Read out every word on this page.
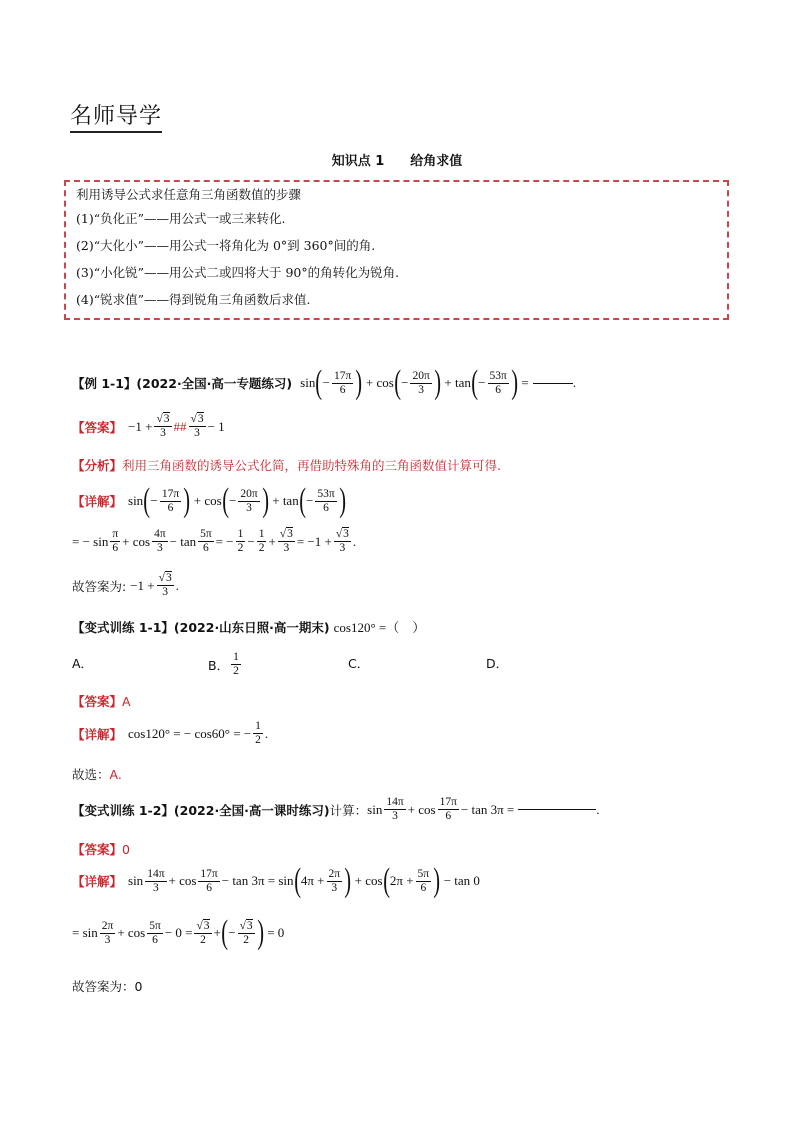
名师导学
知识点 1 给角求值
利用诱导公式求任意角三角函数值的步骤
(1)“负化正”——用公式一或三来转化.
(2)“大化小”——用公式一将角化为 0°到 360°间的角.
(3)“小化锐”——用公式二或四将大于 90°的角转化为锐角.
(4)“锐求值”——得到锐角三角函数后求值.
【例 1-1】(2022·全国·高一专题练习) sin ( − $\frac{17\pi}{6}$ ) + cos ( − $\frac{20\pi}{3}$ ) + tan ( − $\frac{53\pi}{6}$ ) =	.
【答案】 $-1 + \frac{√3}{3}$ ## $\frac{√3}{3} - 1$
【分析】利用三角函数的诱导公式化简，再借助特殊角的三角函数值计算可得.
【详解】 sin ( − $\frac{17\pi}{6}$ ) + cos ( − $\frac{20\pi}{3}$ ) + tan ( − $\frac{53\pi}{6}$ )
= − $\sin \frac{\pi}{6} + \cos \frac{4\pi}{3} - \tan \frac{5\pi}{6}$ = − $\frac{1}{2} - \frac{1}{2} + \frac{√3}{3} = -1 + \frac{√3}{3}$ .
故答案为: $-1 + \frac{√3}{3}$ .
【变式训练 1-1】(2022·山东日照·高一期末) cos120° =（　）
A．	B． $\frac{1}{2}$	C．	D．
【答案】A
【详解】 cos120° = − cos60° = − $\frac{1}{2}$ .
故选：A.
【变式训练 1-2】(2022·全国·高一课时练习) 计算： $\sin \frac{14\pi}{3} + \cos \frac{17\pi}{6} - \tan 3\pi$ =	.
【答案】0
【详解】 $\sin \frac{14\pi}{3} + \cos \frac{17\pi}{6} - \tan 3\pi = \sin$ ( $4\pi + \frac{2\pi}{3}$ ) + cos ( $2\pi + \frac{5\pi}{6}$ ) − tan 0
= $\sin \frac{2\pi}{3} + \cos \frac{5\pi}{6} - 0 = \frac{√3}{2}$ + ( − $\frac{√3}{2}$ ) = 0
故答案为：0
